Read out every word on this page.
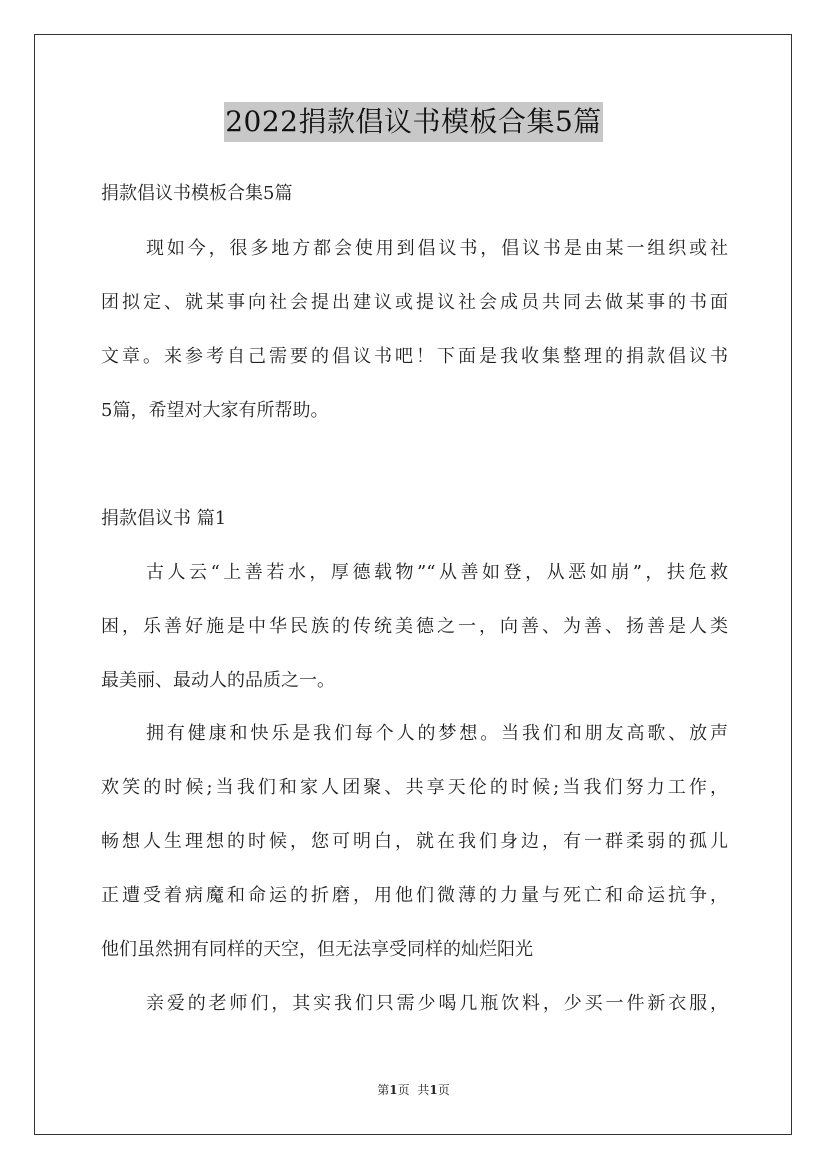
2022捐款倡议书模板合集5篇
捐款倡议书模板合集5篇
现如今，很多地方都会使用到倡议书，倡议书是由某一组织或社
团拟定、就某事向社会提出建议或提议社会成员共同去做某事的书面
文章。来参考自己需要的倡议书吧！下面是我收集整理的捐款倡议书
5篇，希望对大家有所帮助。
捐款倡议书 篇1
古人云“上善若水，厚德载物”“从善如登，从恶如崩”，扶危救
困，乐善好施是中华民族的传统美德之一，向善、为善、扬善是人类
最美丽、最动人的品质之一。
拥有健康和快乐是我们每个人的梦想。当我们和朋友高歌、放声
欢笑的时候;当我们和家人团聚、共享天伦的时候;当我们努力工作，
畅想人生理想的时候，您可明白，就在我们身边，有一群柔弱的孤儿
正遭受着病魔和命运的折磨，用他们微薄的力量与死亡和命运抗争，
他们虽然拥有同样的天空，但无法享受同样的灿烂阳光
亲爱的老师们，其实我们只需少喝几瓶饮料，少买一件新衣服，
第1页 共1页
